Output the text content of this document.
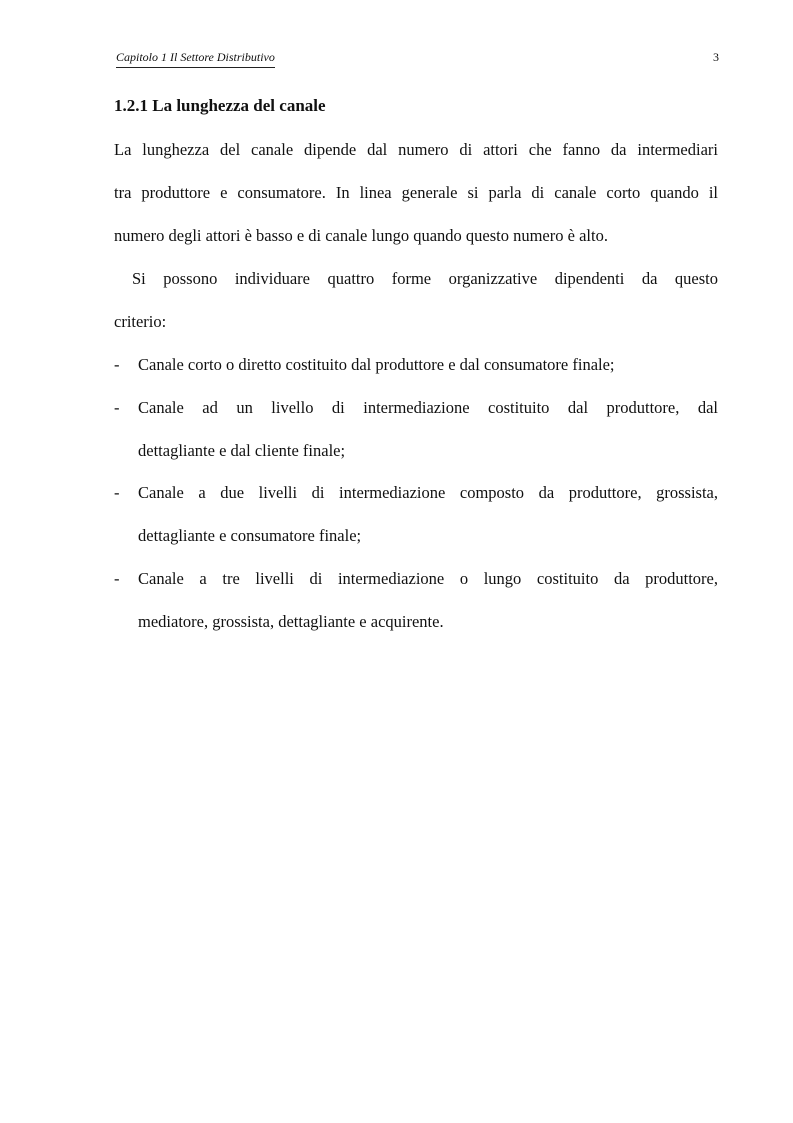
Capitolo 1 Il Settore Distributivo	3
1.2.1 La lunghezza del canale

La lunghezza del canale dipende dal numero di attori che fanno da intermediari

tra produttore e consumatore. In linea generale si parla di canale corto quando il

numero degli attori è basso e di canale lungo quando questo numero è alto.

Si possono individuare quattro forme organizzative dipendenti da questo

criterio:

- Canale corto o diretto costituito dal produttore e dal consumatore finale;

- Canale ad un livello di intermediazione costituito dal produttore, dal

dettagliante e dal cliente finale;

- Canale a due livelli di intermediazione composto da produttore, grossista,

dettagliante e consumatore finale;

- Canale a tre livelli di intermediazione o lungo costituito da produttore,

mediatore, grossista, dettagliante e acquirente.
